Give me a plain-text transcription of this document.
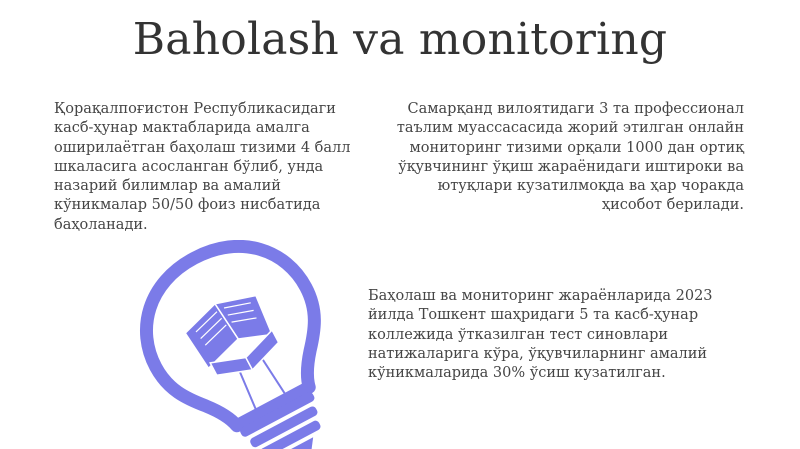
Baholash va monitoring
Қорақалпоғистон Республикасидаги
касб-ҳунар мактабларида амалга
оширилаётган баҳолаш тизими 4 балл
шкаласига асосланган бўлиб, унда
назарий билимлар ва амалий
кўникмалар 50/50 фоиз нисбатида
баҳоланади.
Самарқанд вилоятидаги 3 та профессионал
таълим муассасасида жорий этилган онлайн
мониторинг тизими орқали 1000 дан ортиқ
ўқувчининг ўқиш жараёнидаги иштироки ва
ютуқлари кузатилмоқда ва ҳар чоракда
ҳисобот берилади.
Баҳолаш ва мониторинг жараёнларида 2023
йилда Тошкент шаҳридаги 5 та касб-ҳунар
коллежида ўтказилган тест синовлари
натижаларига кўра, ўқувчиларнинг амалий
кўникмаларида 30% ўсиш кузатилган.
